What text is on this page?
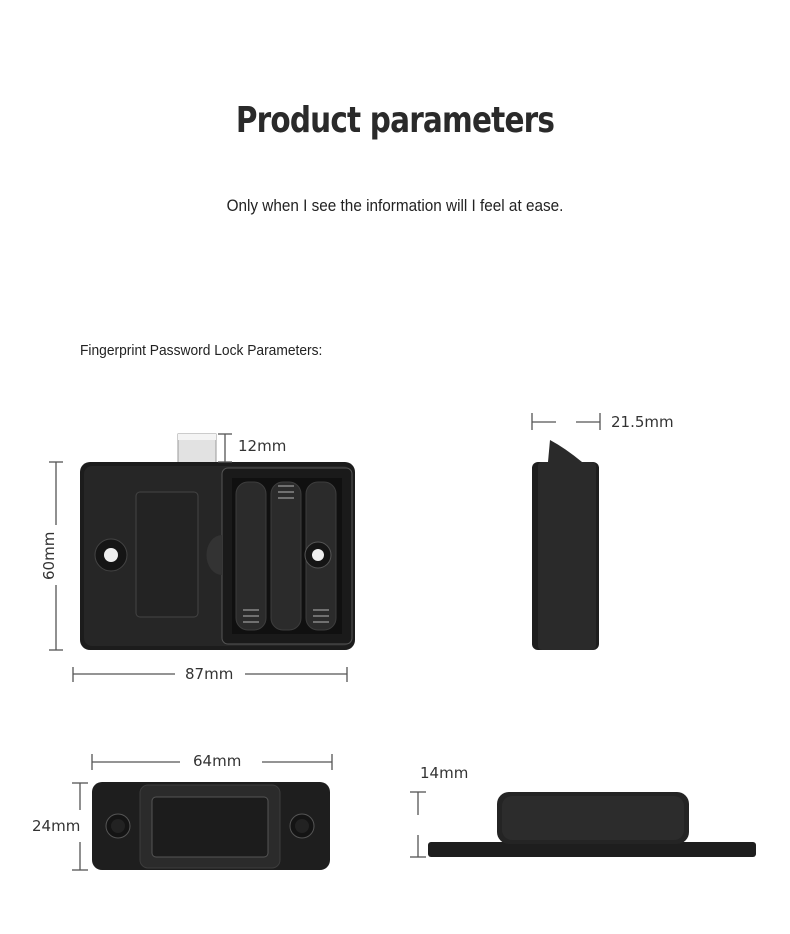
Product parameters
Only when I see the information will I feel at ease.
Fingerprint Password Lock Parameters:
12mm
60mm
87mm
21.5mm
64mm
24mm
14mm
